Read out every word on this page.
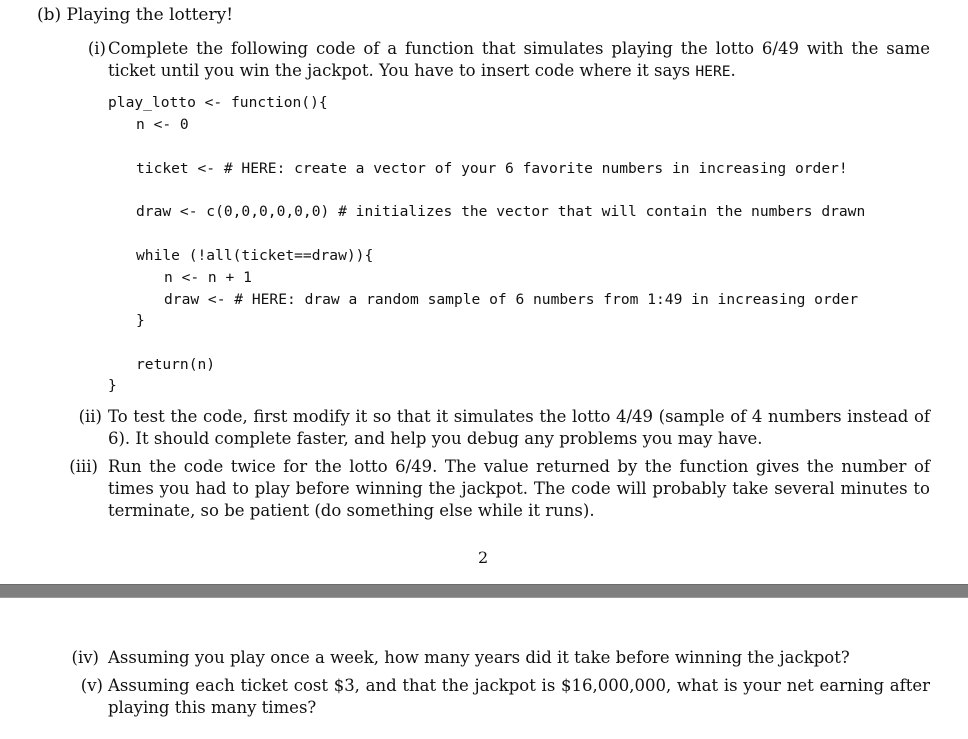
(b) Playing the lottery!
(i) Complete the following code of a function that simulates playing the lotto 6/49 with the same ticket until you win the jackpot. You have to insert code where it says HERE.
play_lotto <- function(){
n <- 0
ticket <- # HERE: create a vector of your 6 favorite numbers in increasing order!
draw <- c(0,0,0,0,0,0) # initializes the vector that will contain the numbers drawn
while (!all(ticket==draw)){
n <- n + 1
draw <- # HERE: draw a random sample of 6 numbers from 1:49 in increasing order
}
return(n)
}
(ii) To test the code, first modify it so that it simulates the lotto 4/49 (sample of 4 numbers instead of 6). It should complete faster, and help you debug any problems you may have.
(iii) Run the code twice for the lotto 6/49. The value returned by the function gives the number of times you had to play before winning the jackpot. The code will probably take several minutes to terminate, so be patient (do something else while it runs).
2
(iv) Assuming you play once a week, how many years did it take before winning the jackpot?
(v) Assuming each ticket cost $3, and that the jackpot is $16,000,000, what is your net earning after playing this many times?
